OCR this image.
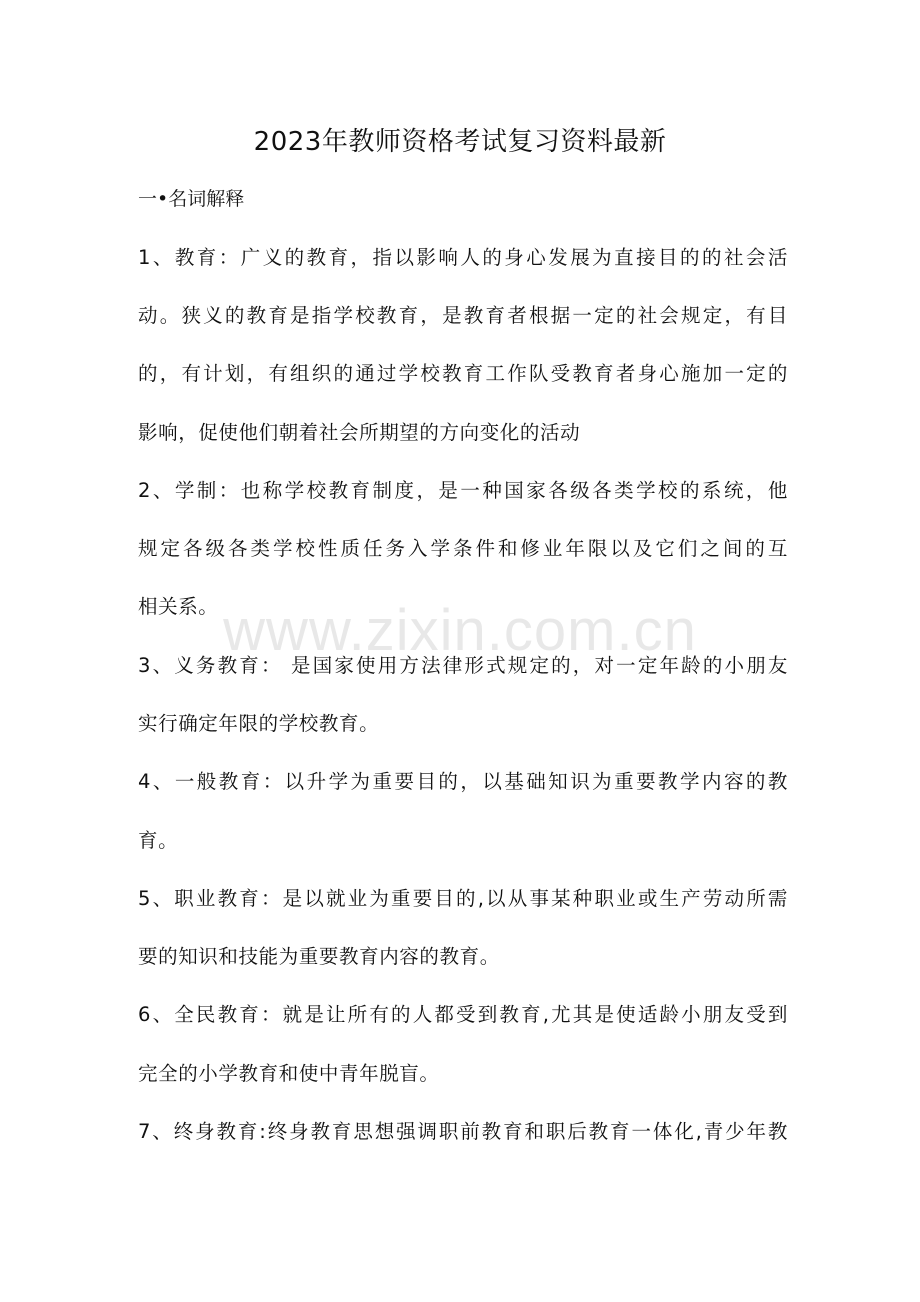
2023年教师资格考试复习资料最新
一•名词解释
1、教育：广义的教育，指以影响人的身心发展为直接目的的社会活
动。狭义的教育是指学校教育，是教育者根据一定的社会规定，有目
的，有计划，有组织的通过学校教育工作队受教育者身心施加一定的
影响，促使他们朝着社会所期望的方向变化的活动
2、学制：也称学校教育制度，是一种国家各级各类学校的系统，他
规定各级各类学校性质任务入学条件和修业年限以及它们之间的互
相关系。
3、义务教育： 是国家使用方法律形式规定的，对一定年龄的小朋友
实行确定年限的学校教育。
4、一般教育：以升学为重要目的，以基础知识为重要教学内容的教
育。
5、职业教育：是以就业为重要目的,以从事某种职业或生产劳动所需
要的知识和技能为重要教育内容的教育。
6、全民教育：就是让所有的人都受到教育,尤其是使适龄小朋友受到
完全的小学教育和使中青年脱盲。
7、终身教育:终身教育思想强调职前教育和职后教育一体化,青少年教
www.zixin.com.cn
